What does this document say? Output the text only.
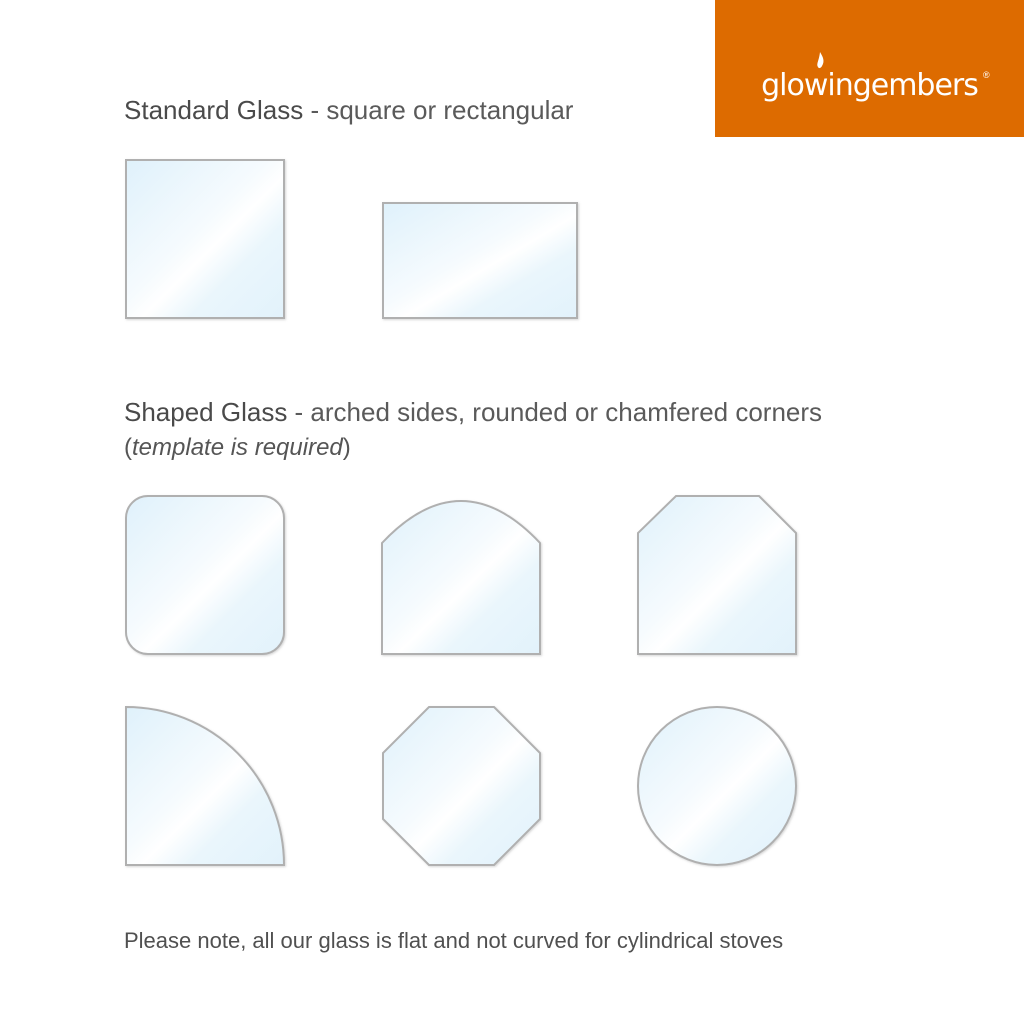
glowingembers ®
Standard Glass - square or rectangular
Shaped Glass - arched sides, rounded or chamfered corners
(template is required)
Please note, all our glass is flat and not curved for cylindrical stoves
